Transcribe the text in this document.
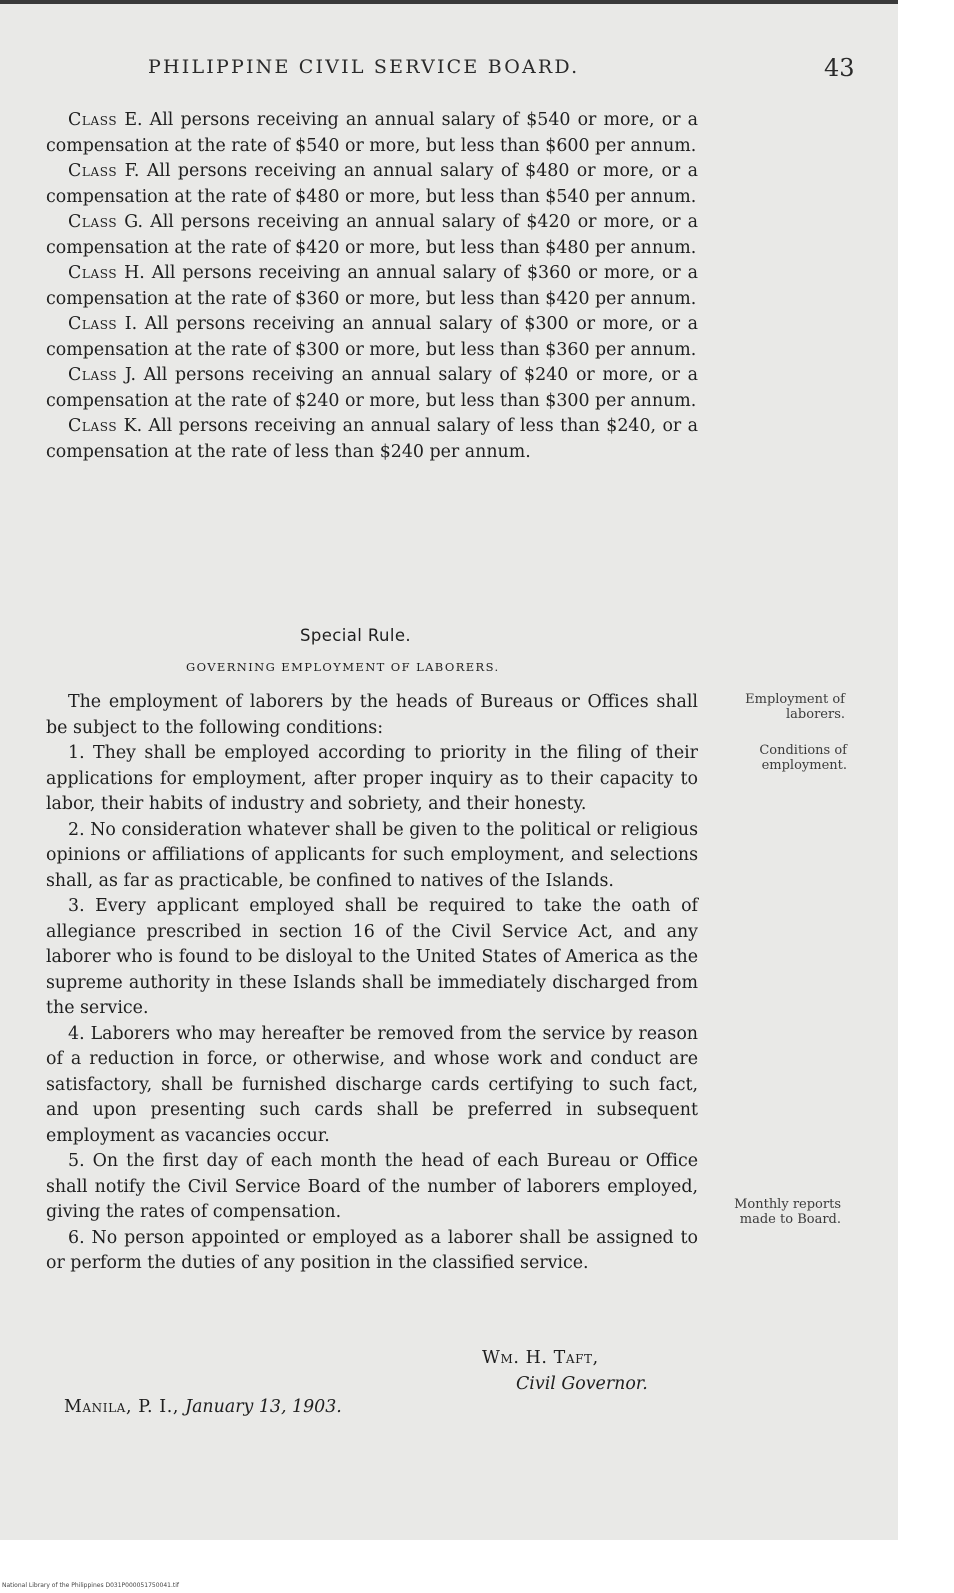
PHILIPPINE CIVIL SERVICE BOARD.	43

Class E. All persons receiving an annual salary of $540 or more, or a compensation at the rate of $540 or more, but less than $600 per annum.

Class F. All persons receiving an annual salary of $480 or more, or a compensation at the rate of $480 or more, but less than $540 per annum.

Class G. All persons receiving an annual salary of $420 or more, or a compensation at the rate of $420 or more, but less than $480 per annum.

Class H. All persons receiving an annual salary of $360 or more, or a compensation at the rate of $360 or more, but less than $420 per annum.

Class I. All persons receiving an annual salary of $300 or more, or a compensation at the rate of $300 or more, but less than $360 per annum.

Class J. All persons receiving an annual salary of $240 or more, or a compensation at the rate of $240 or more, but less than $300 per annum.

Class K. All persons receiving an annual salary of less than $240, or a compensation at the rate of less than $240 per annum.

Special Rule.
GOVERNING EMPLOYMENT OF LABORERS.

The employment of laborers by the heads of Bureaus or Offices shall be subject to the following conditions:

1. They shall be employed according to priority in the filing of their applications for employment, after proper inquiry as to their capacity to labor, their habits of industry and sobriety, and their honesty.

2. No consideration whatever shall be given to the political or religious opinions or affiliations of applicants for such employment, and selections shall, as far as practicable, be confined to natives of the Islands.

3. Every applicant employed shall be required to take the oath of allegiance prescribed in section 16 of the Civil Service Act, and any laborer who is found to be disloyal to the United States of America as the supreme authority in these Islands shall be immediately discharged from the service.

4. Laborers who may hereafter be removed from the service by reason of a reduction in force, or otherwise, and whose work and conduct are satisfactory, shall be furnished discharge cards certifying to such fact, and upon presenting such cards shall be preferred in subsequent employment as vacancies occur.

5. On the first day of each month the head of each Bureau or Office shall notify the Civil Service Board of the number of laborers employed, giving the rates of compensation.

6. No person appointed or employed as a laborer shall be assigned to or perform the duties of any position in the classified service.

Employment of laborers.
Conditions of employment.
Monthly reports made to Board.
Wm. H. Taft,
Civil Governor.
Manila, P. I., January 13, 1903.
National Library of the Philippines D031P000051750041.tif
